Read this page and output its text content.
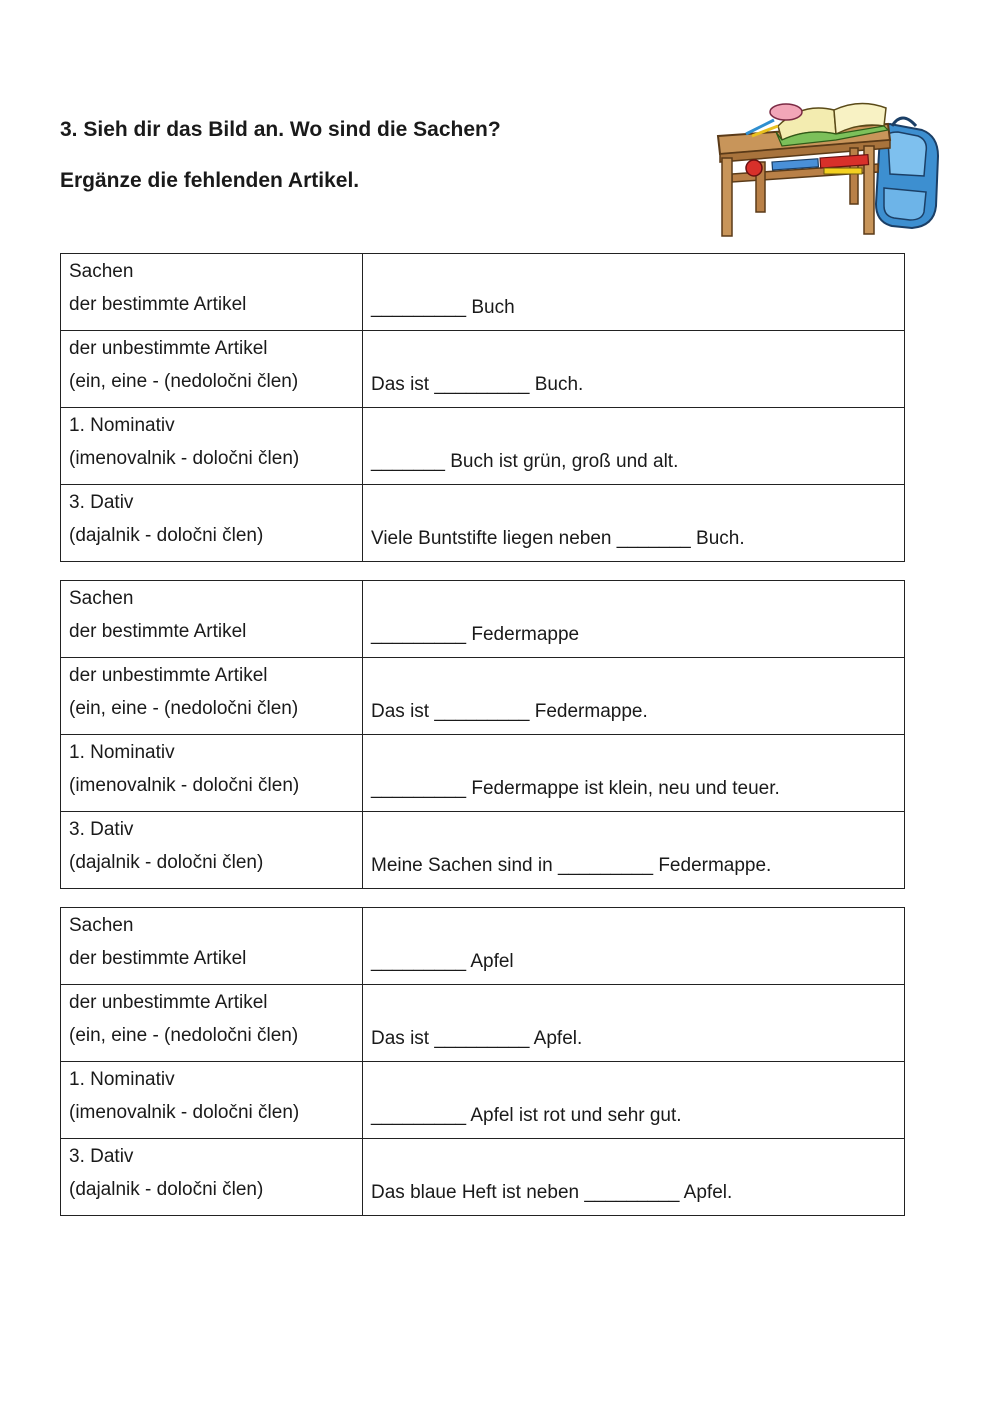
3. Sieh dir das Bild an. Wo sind die Sachen?
Ergänze die fehlenden Artikel.
Sachen
der bestimmte Artikel	_________ Buch

der unbestimmte Artikel
(ein, eine - (nedoločni člen)	Das ist _________ Buch.

1. Nominativ
(imenovalnik - določni člen)	_______ Buch ist grün, groß und alt.

3. Dativ
(dajalnik - določni člen)	Viele Buntstifte liegen neben _______ Buch.
Sachen
der bestimmte Artikel	_________ Federmappe

der unbestimmte Artikel
(ein, eine - (nedoločni člen)	Das ist _________ Federmappe.

1. Nominativ
(imenovalnik - določni člen)	_________ Federmappe ist klein, neu und teuer.

3. Dativ
(dajalnik - določni člen)	Meine Sachen sind in _________ Federmappe.
Sachen
der bestimmte Artikel	_________ Apfel

der unbestimmte Artikel
(ein, eine - (nedoločni člen)	Das ist _________ Apfel.

1. Nominativ
(imenovalnik - določni člen)	_________ Apfel ist rot und sehr gut.

3. Dativ
(dajalnik - določni člen)	Das blaue Heft ist neben _________ Apfel.
